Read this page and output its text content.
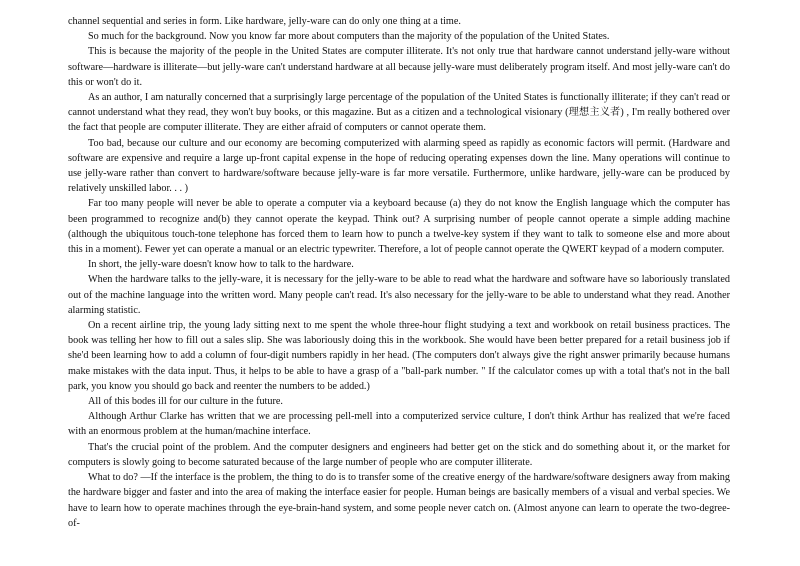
channel sequential and series in form. Like hardware, jelly-ware can do only one thing at a time.

So much for the background. Now you know far more about computers than the majority of the population of the United States.

This is because the majority of the people in the United States are computer illiterate. It's not only true that hardware cannot understand jelly-ware without software—hardware is illiterate—but jelly-ware can't understand hardware at all because jelly-ware must deliberately program itself. And most jelly-ware can't do this or won't do it.

As an author, I am naturally concerned that a surprisingly large percentage of the population of the United States is functionally illiterate; if they can't read or cannot understand what they read, they won't buy books, or this magazine. But as a citizen and a technological visionary (理想主义者) , I'm really bothered over the fact that people are computer illiterate. They are either afraid of computers or cannot operate them.

Too bad, because our culture and our economy are becoming computerized with alarming speed as rapidly as economic factors will permit. (Hardware and software are expensive and require a large up-front capital expense in the hope of reducing operating expenses down the line. Many operations will continue to use jelly-ware rather than convert to hardware/software because jelly-ware is far more versatile. Furthermore, unlike hardware, jelly-ware can be produced by relatively unskilled labor. . . )

Far too many people will never be able to operate a computer via a keyboard because (a) they do not know the English language which the computer has been programmed to recognize and(b) they cannot operate the keypad. Think out? A surprising number of people cannot operate a simple adding machine (although the ubiquitous touch-tone telephone has forced them to learn how to punch a twelve-key system if they want to talk to someone else and more about this in a moment). Fewer yet can operate a manual or an electric typewriter. Therefore, a lot of people cannot operate the QWERT keypad of a modern computer.

In short, the jelly-ware doesn't know how to talk to the hardware.

When the hardware talks to the jelly-ware, it is necessary for the jelly-ware to be able to read what the hardware and software have so laboriously translated out of the machine language into the written word. Many people can't read. It's also necessary for the jelly-ware to be able to understand what they read. Another alarming statistic.

On a recent airline trip, the young lady sitting next to me spent the whole three-hour flight studying a text and workbook on retail business practices. The book was telling her how to fill out a sales slip. She was laboriously doing this in the workbook. She would have been better prepared for a retail business job if she'd been learning how to add a column of four-digit numbers rapidly in her head. (The computers don't always give the right answer primarily because humans make mistakes with the data input. Thus, it helps to be able to have a grasp of a "ball-park number. " If the calculator comes up with a total that's not in the ball park, you know you should go back and reenter the numbers to be added.)

All of this bodes ill for our culture in the future.

Although Arthur Clarke has written that we are processing pell-mell into a computerized service culture, I don't think Arthur has realized that we're faced with an enormous problem at the human/machine interface.

That's the crucial point of the problem. And the computer designers and engineers had better get on the stick and do something about it, or the market for computers is slowly going to become saturated because of the large number of people who are computer illiterate.

What to do? —If the interface is the problem, the thing to do is to transfer some of the creative energy of the hardware/software designers away from making the hardware bigger and faster and into the area of making the interface easier for people. Human beings are basically members of a visual and verbal species. We have to learn how to operate machines through the eye-brain-hand system, and some people never catch on. (Almost anyone can learn to operate the two-degree-of-
